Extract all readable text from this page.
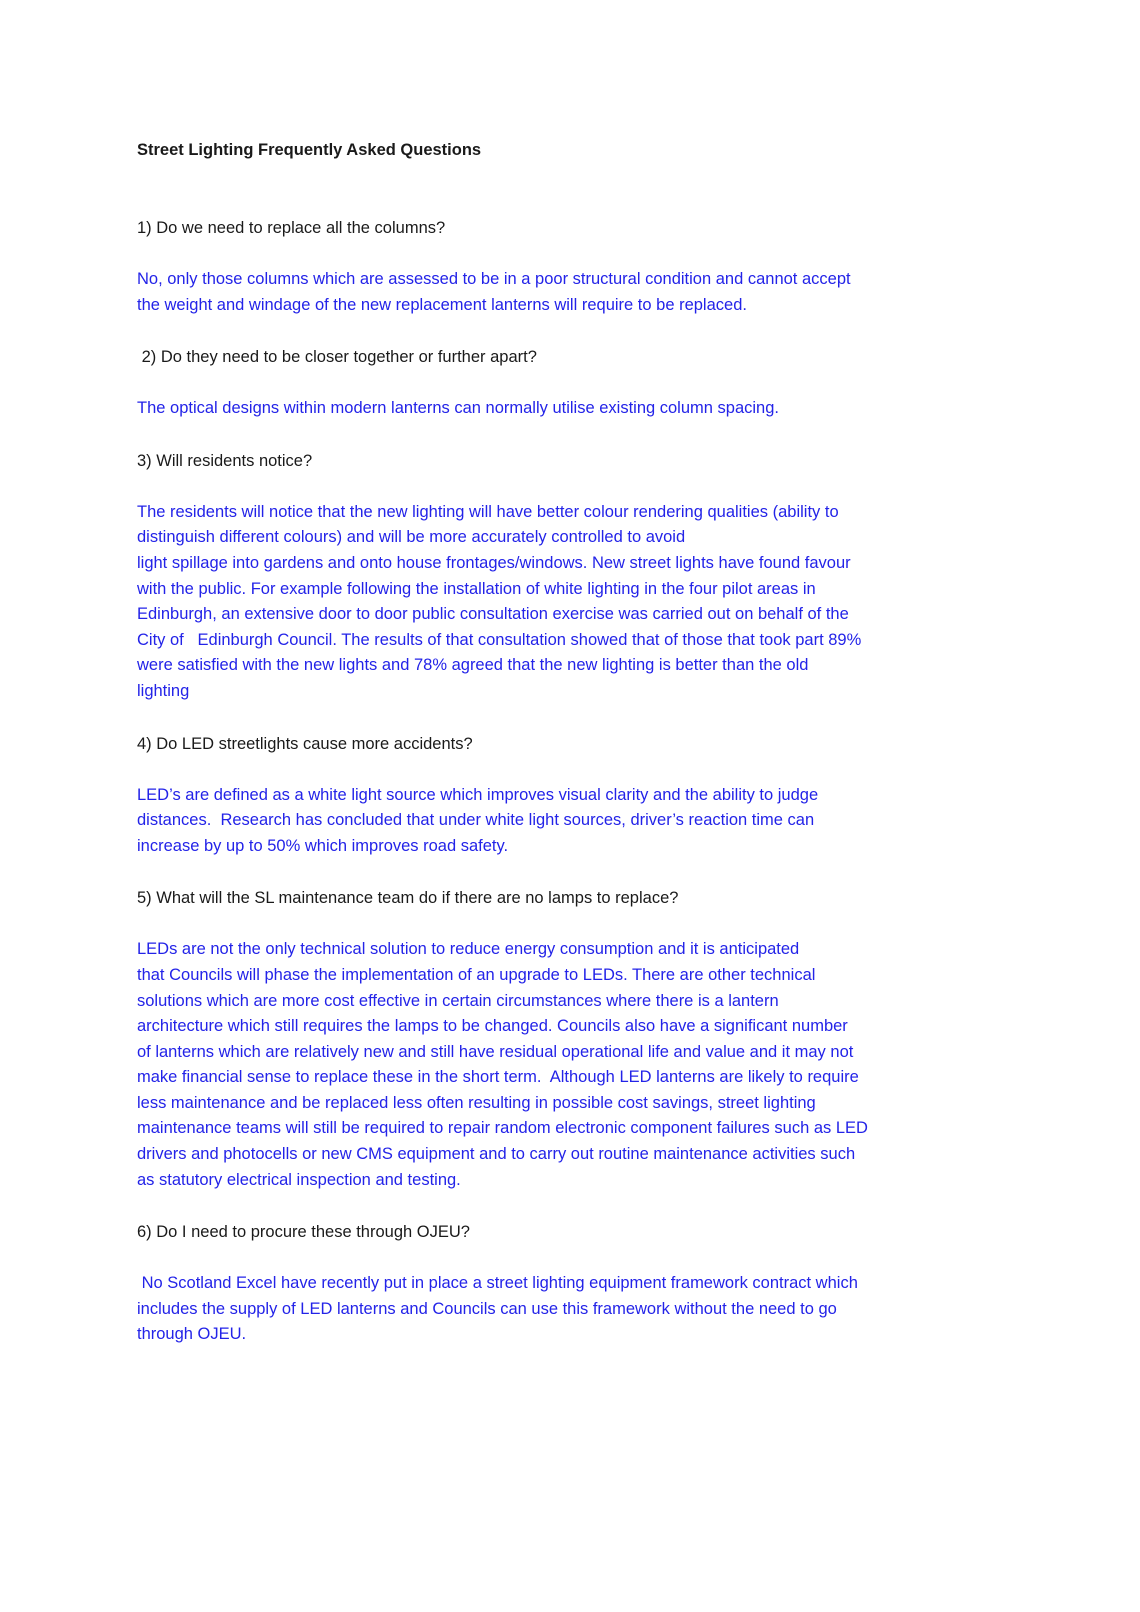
Street Lighting Frequently Asked Questions
1) Do we need to replace all the columns?
No, only those columns which are assessed to be in a poor structural condition and cannot accept
the weight and windage of the new replacement lanterns will require to be replaced.
2) Do they need to be closer together or further apart?
The optical designs within modern lanterns can normally utilise existing column spacing.
3) Will residents notice?
The residents will notice that the new lighting will have better colour rendering qualities (ability to
distinguish different colours) and will be more accurately controlled to avoid
light spillage into gardens and onto house frontages/windows. New street lights have found favour
with the public. For example following the installation of white lighting in the four pilot areas in
Edinburgh, an extensive door to door public consultation exercise was carried out on behalf of the
City of   Edinburgh Council. The results of that consultation showed that of those that took part 89%
were satisfied with the new lights and 78% agreed that the new lighting is better than the old
lighting
4) Do LED streetlights cause more accidents?
LED’s are defined as a white light source which improves visual clarity and the ability to judge
distances.  Research has concluded that under white light sources, driver’s reaction time can
increase by up to 50% which improves road safety.
5) What will the SL maintenance team do if there are no lamps to replace?
LEDs are not the only technical solution to reduce energy consumption and it is anticipated
that Councils will phase the implementation of an upgrade to LEDs. There are other technical
solutions which are more cost effective in certain circumstances where there is a lantern
architecture which still requires the lamps to be changed. Councils also have a significant number
of lanterns which are relatively new and still have residual operational life and value and it may not
make financial sense to replace these in the short term.  Although LED lanterns are likely to require
less maintenance and be replaced less often resulting in possible cost savings, street lighting
maintenance teams will still be required to repair random electronic component failures such as LED
drivers and photocells or new CMS equipment and to carry out routine maintenance activities such
as statutory electrical inspection and testing.
6) Do I need to procure these through OJEU?
No Scotland Excel have recently put in place a street lighting equipment framework contract which
includes the supply of LED lanterns and Councils can use this framework without the need to go
through OJEU.
